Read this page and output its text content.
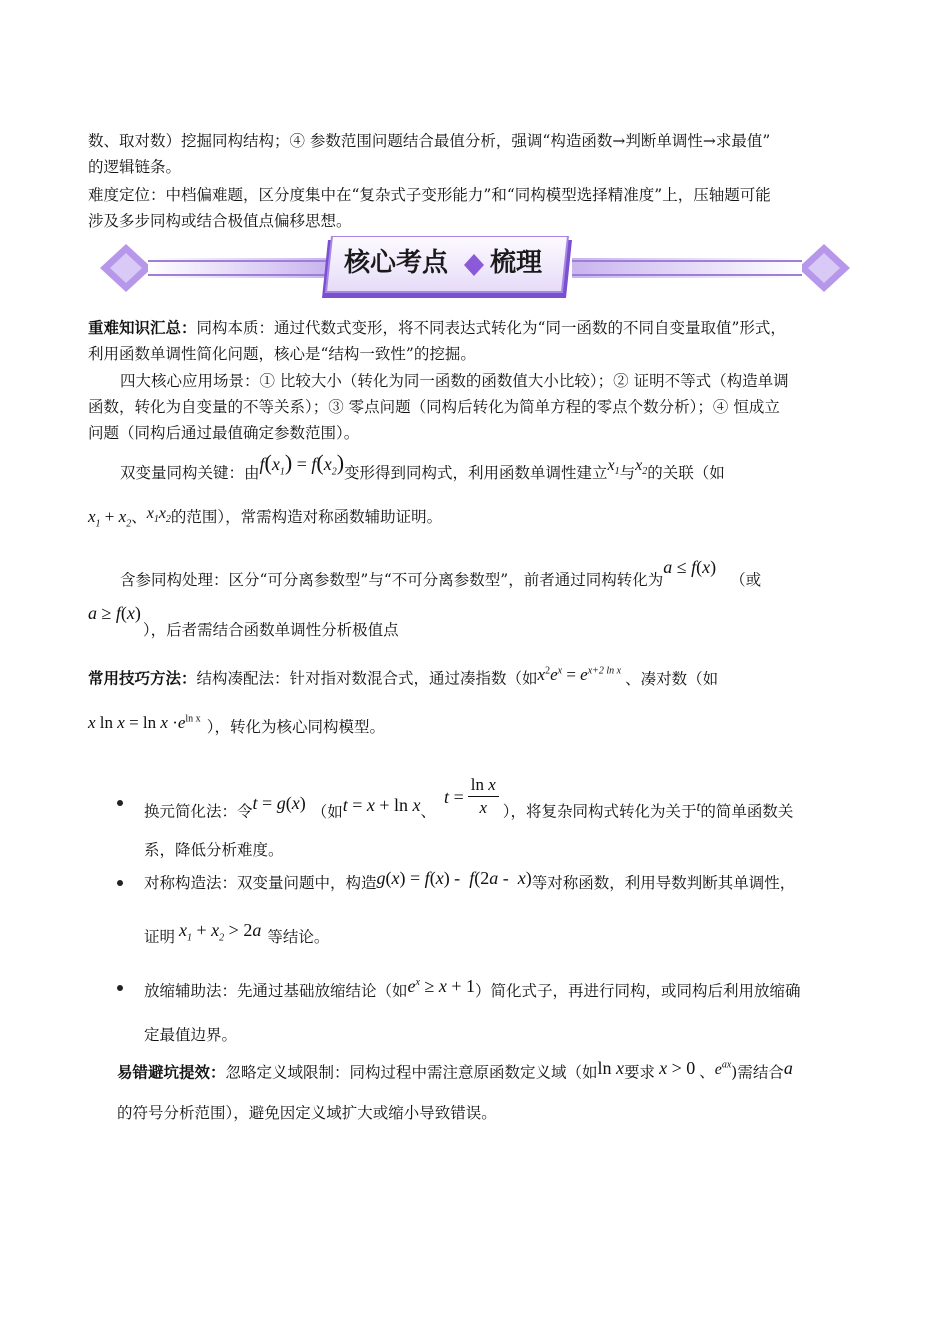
数、取对数）挖掘同构结构；④ 参数范围问题结合最值分析，强调“构造函数→判断单调性→求最值”
的逻辑链条。
难度定位：中档偏难题，区分度集中在“复杂式子变形能力”和“同构模型选择精准度”上，压轴题可能
涉及多步同构或结合极值点偏移思想。
核心考点 梳理
重难知识汇总：同构本质：通过代数式变形，将不同表达式转化为“同一函数的不同自变量取值”形式，
利用函数单调性简化问题，核心是“结构一致性”的挖掘。
四大核心应用场景：① 比较大小（转化为同一函数的函数值大小比较）；② 证明不等式（构造单调
函数，转化为自变量的不等关系）；③ 零点问题（同构后转化为简单方程的零点个数分析）；④ 恒成立
问题（同构后通过最值确定参数范围）。
双变量同构关键：由$f(x_1) = f(x_2)$变形得到同构式，利用函数单调性建立$x_1$与$x_2$的关联（如
$x_1 + x_2$、$x_1x_2$的范围），常需构造对称函数辅助证明。
含参同构处理：区分“可分离参数型”与“不可分离参数型”，前者通过同构转化为a ≤ f(x)（或
a ≥ f(x)），后者需结合函数单调性分析极值点
常用技巧方法：结构凑配法：针对指对数混合式，通过凑指数（如$x^2e^x = e^{x+2 ln x}$ 、凑对数（如
x $\ln x = \ln x \cdot e^{ln x}$ ），转化为核心同构模型。
换元简化法：令t = g(x) （如t = x + ln x、$t = \frac{\text{ln x}}{x}$ ），将复杂同构式转化为关于t的简单函数关
系，降低分析难度。
对称构造法：双变量问题中，构造g(x) = f(x) -  f(2a -  x)等对称函数，利用导数判断其单调性，
证明 $x_1 + x_2 > 2a$ 等结论。
放缩辅助法：先通过基础放缩结论（如$e^x \ge x + 1$）简化式子，再进行同构，或同构后利用放缩确
定最值边界。
易错避坑提效：忽略定义域限制：同构过程中需注意原函数定义域（如ln x要求 x > 0 、$e^{ax}$)需结合a
的符号分析范围），避免因定义域扩大或缩小导致错误。
